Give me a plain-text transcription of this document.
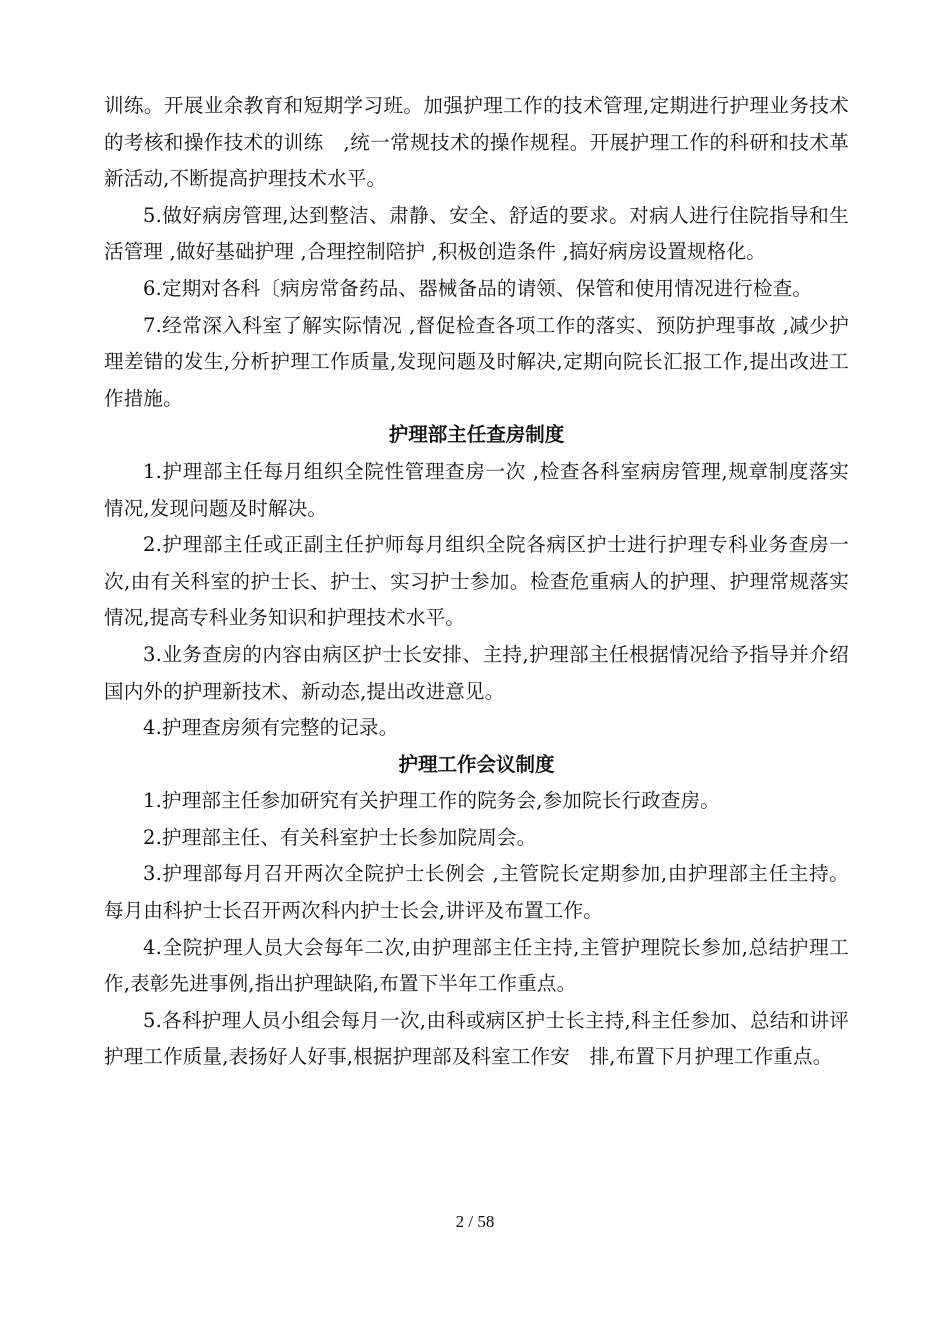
训练。开展业余教育和短期学习班。加强护理工作的技术管理,定期进行护理业务技术的考核和操作技术的训练　,统一常规技术的操作规程。开展护理工作的科研和技术革新活动,不断提高护理技术水平。

5.做好病房管理,达到整洁、肃静、安全、舒适的要求。对病人进行住院指导和生活管理 ,做好基础护理 ,合理控制陪护 ,积极创造条件 ,搞好病房设置规格化。

6.定期对各科〔病房常备药品、器械备品的请领、保管和使用情况进行检查。

7.经常深入科室了解实际情况 ,督促检查各项工作的落实、预防护理事故 ,减少护理差错的发生,分析护理工作质量,发现问题及时解决,定期向院长汇报工作,提出改进工作措施。

护理部主任查房制度

1.护理部主任每月组织全院性管理查房一次 ,检查各科室病房管理,规章制度落实情况,发现问题及时解决。

2.护理部主任或正副主任护师每月组织全院各病区护士进行护理专科业务查房一次,由有关科室的护士长、护士、实习护士参加。检查危重病人的护理、护理常规落实情况,提高专科业务知识和护理技术水平。

3.业务查房的内容由病区护士长安排、主持,护理部主任根据情况给予指导并介绍国内外的护理新技术、新动态,提出改进意见。

4.护理查房须有完整的记录。

护理工作会议制度

1.护理部主任参加研究有关护理工作的院务会,参加院长行政查房。

2.护理部主任、有关科室护士长参加院周会。

3.护理部每月召开两次全院护士长例会 ,主管院长定期参加,由护理部主任主持。每月由科护士长召开两次科内护士长会,讲评及布置工作。

4.全院护理人员大会每年二次,由护理部主任主持,主管护理院长参加,总结护理工作,表彰先进事例,指出护理缺陷,布置下半年工作重点。

5.各科护理人员小组会每月一次,由科或病区护士长主持,科主任参加、总结和讲评护理工作质量,表扬好人好事,根据护理部及科室工作安　排,布置下月护理工作重点。

2 / 58
